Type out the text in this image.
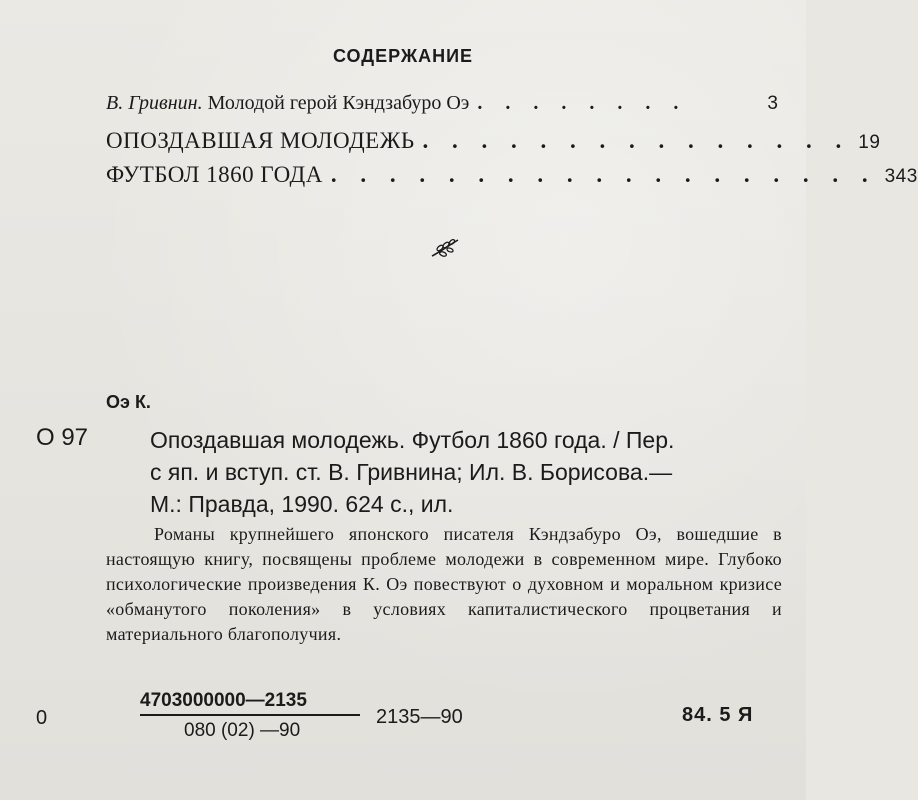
СОДЕРЖАНИЕ
В. Гривнин. Молодой герой Кэндзабуро Оэ . . . . . . . .	3
ОПОЗДАВШАЯ МОЛОДЕЖЬ . . . . . . . . . . . . . . . 19
ФУТБОЛ 1860 ГОДА . . . . . . . . . . . . . . . . . . . 343
Оэ К.
О 97	Опоздавшая молодежь. Футбол 1860 года. / Пер.
с яп. и вступ. ст. В. Гривнина; Ил. В. Борисова.—
М.: Правда, 1990. 624 с., ил.
Романы крупнейшего японского писателя Кэндзабуро Оэ, вошедшие в настоящую книгу, посвящены проблеме молодежи в современном мире. Глубоко психологические произведения К. Оэ повествуют о духовном и моральном кризисе «обманутого поколения» в условиях капиталистического процветания и материального благополучия.
0	$\frac{4703000000—2135}{080 (02) —90}$ 2135—90	84. 5 Я
